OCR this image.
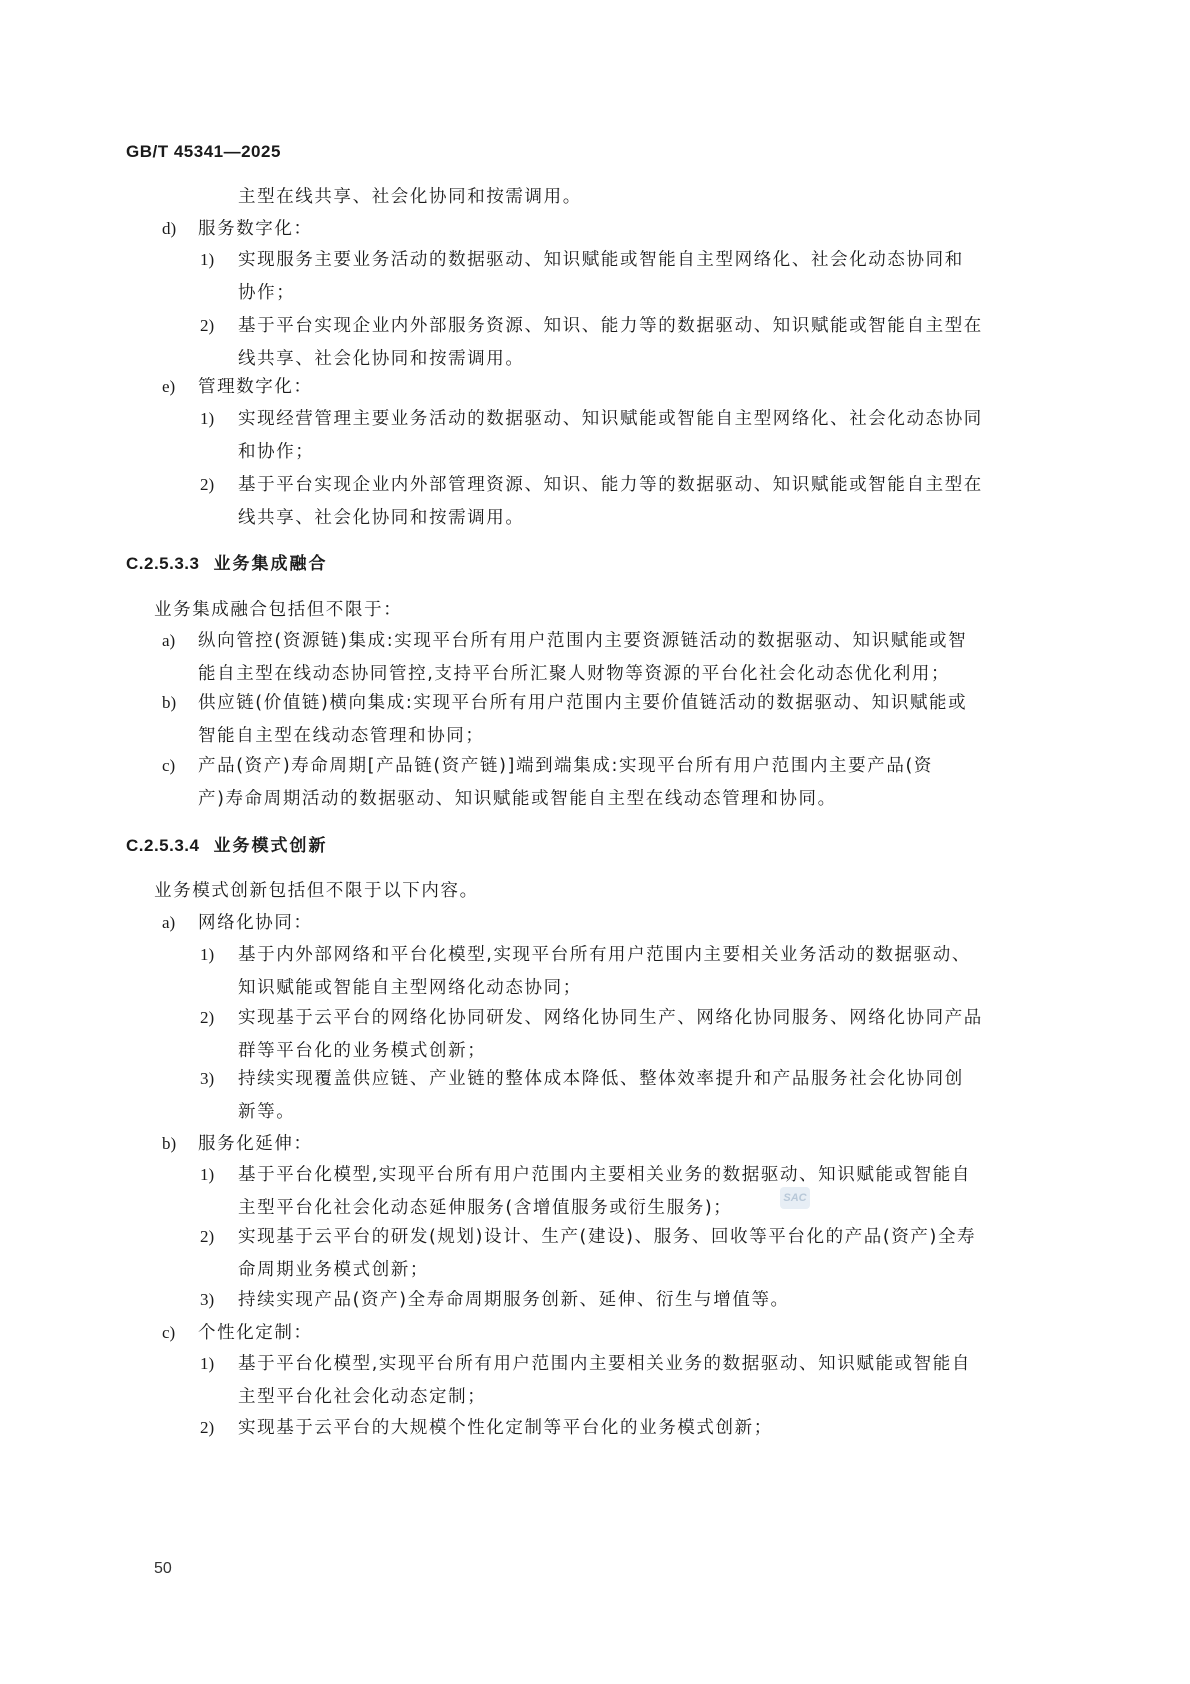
GB/T 45341—2025
主型在线共享、社会化协同和按需调用。
d) 服务数字化：
1) 实现服务主要业务活动的数据驱动、知识赋能或智能自主型网络化、社会化动态协同和
协作；
2) 基于平台实现企业内外部服务资源、知识、能力等的数据驱动、知识赋能或智能自主型在
线共享、社会化协同和按需调用。
e) 管理数字化：
1) 实现经营管理主要业务活动的数据驱动、知识赋能或智能自主型网络化、社会化动态协同
和协作；
2) 基于平台实现企业内外部管理资源、知识、能力等的数据驱动、知识赋能或智能自主型在
线共享、社会化协同和按需调用。
C.2.5.3.3 业务集成融合
业务集成融合包括但不限于：
a) 纵向管控(资源链)集成:实现平台所有用户范围内主要资源链活动的数据驱动、知识赋能或智
能自主型在线动态协同管控,支持平台所汇聚人财物等资源的平台化社会化动态优化利用；
b) 供应链(价值链)横向集成:实现平台所有用户范围内主要价值链活动的数据驱动、知识赋能或
智能自主型在线动态管理和协同；
c) 产品(资产)寿命周期[产品链(资产链)]端到端集成:实现平台所有用户范围内主要产品(资
产)寿命周期活动的数据驱动、知识赋能或智能自主型在线动态管理和协同。
C.2.5.3.4 业务模式创新
业务模式创新包括但不限于以下内容。
a) 网络化协同：
1) 基于内外部网络和平台化模型,实现平台所有用户范围内主要相关业务活动的数据驱动、
知识赋能或智能自主型网络化动态协同；
2) 实现基于云平台的网络化协同研发、网络化协同生产、网络化协同服务、网络化协同产品
群等平台化的业务模式创新；
3) 持续实现覆盖供应链、产业链的整体成本降低、整体效率提升和产品服务社会化协同创
新等。
b) 服务化延伸：
1) 基于平台化模型,实现平台所有用户范围内主要相关业务的数据驱动、知识赋能或智能自
主型平台化社会化动态延伸服务(含增值服务或衍生服务)；
2) 实现基于云平台的研发(规划)设计、生产(建设)、服务、回收等平台化的产品(资产)全寿
命周期业务模式创新；
3) 持续实现产品(资产)全寿命周期服务创新、延伸、衍生与增值等。
c) 个性化定制：
1) 基于平台化模型,实现平台所有用户范围内主要相关业务的数据驱动、知识赋能或智能自
主型平台化社会化动态定制；
2) 实现基于云平台的大规模个性化定制等平台化的业务模式创新；
SAC
50
